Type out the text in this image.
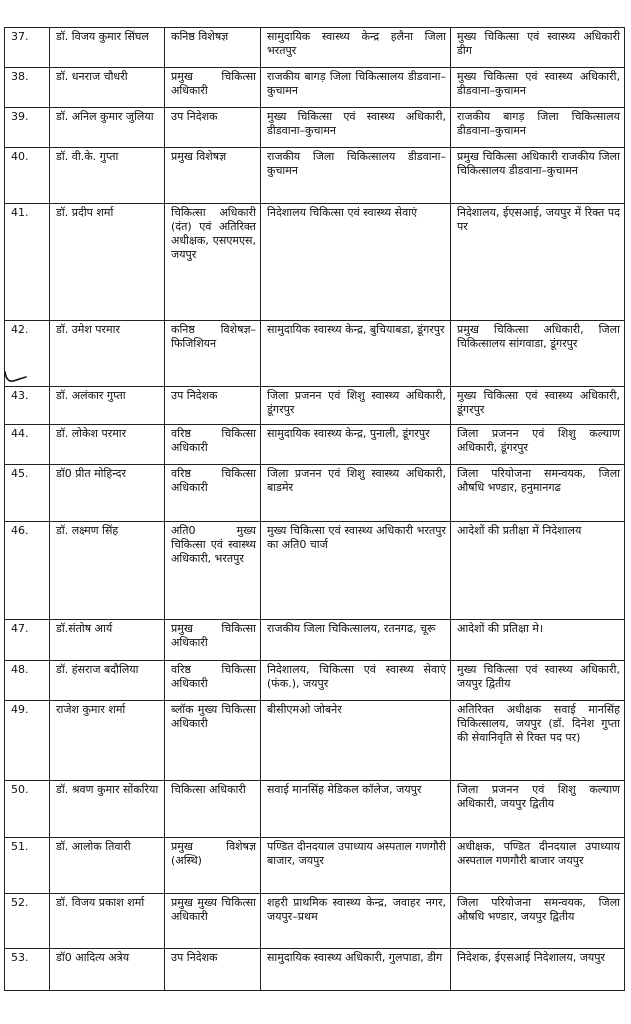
37.	डॉ. विजय कुमार सिंघल	कनिष्ठ विशेषज्ञ	सामुदायिक स्वास्थ्य केन्द्र हलैना जिला भरतपुर	मुख्य चिकित्सा एवं स्वास्थ्य अधिकारी डीग
38.	डॉ. धनराज चौधरी	प्रमुख चिकित्सा अधिकारी	राजकीय बागड़ जिला चिकित्सालय डीडवाना–कुचामन	मुख्य चिकित्सा एवं स्वास्थ्य अधिकारी, डीडवाना–कुचामन
39.	डॉ. अनिल कुमार जुलिया	उप निदेशक	मुख्य चिकित्सा एवं स्वास्थ्य अधिकारी, डीडवाना–कुचामन	राजकीय बागड़ जिला चिकित्सालय डीडवाना–कुचामन
40.	डॉ. वी.के. गुप्ता	प्रमुख विशेषज्ञ	राजकीय जिला चिकित्सालय डीडवाना–कुचामन	प्रमुख चिकित्सा अधिकारी राजकीय जिला चिकित्सालय डीडवाना–कुचामन
41.	डॉ. प्रदीप शर्मा	चिकित्सा अधिकारी (दंत) एवं अतिरिक्त अधीक्षक, एसएमएस, जयपुर	निदेशालय चिकित्सा एवं स्वास्थ्य सेवाएं	निदेशालय, ईएसआई, जयपुर में रिक्त पद पर
42.	डॉ. उमेश परमार	कनिष्ठ विशेषज्ञ– फिजिशियन	सामुदायिक स्वास्थ्य केन्द्र, बुचियाबडा, डूंगरपुर	प्रमुख चिकित्सा अधिकारी, जिला चिकित्सालय सांगवाडा, डूंगरपुर
43.	डॉ. अलंकार गुप्ता	उप निदेशक	जिला प्रजनन एवं शिशु स्वास्थ्य अधिकारी, डूंगरपुर	मुख्य चिकित्सा एवं स्वास्थ्य अधिकारी, डूंगरपुर
44.	डॉ. लोकेश परमार	वरिष्ठ चिकित्सा अधिकारी	सामुदायिक स्वास्थ्य केन्द्र, पुनाली, डूंगरपुर	जिला प्रजनन एवं शिशु कल्याण अधिकारी, डूंगरपुर
45.	डॉ0 प्रीत मोहिन्दर	वरिष्ठ चिकित्सा अधिकारी	जिला प्रजनन एवं शिशु स्वास्थ्य अधिकारी, बाडमेर	जिला परियोजना समन्वयक, जिला औषधि भण्डार, हनुमानगढ
46.	डॉ. लक्ष्मण सिंह	अति0 मुख्य चिकित्सा एवं स्वास्थ्य अधिकारी, भरतपुर	मुख्य चिकित्सा एवं स्वास्थ्य अधिकारी भरतपुर का अति0 चार्ज	आदेशों की प्रतीक्षा में निदेशालय
47.	डॉ.संतोष आर्य	प्रमुख चिकित्सा अधिकारी	राजकीय जिला चिकित्सालय, रतनगढ, चूरू	आदेशों की प्रतिक्षा मे।
48.	डॉ. हंसराज बदौलिया	वरिष्ठ चिकित्सा अधिकारी	निदेशालय, चिकित्सा एवं स्वास्थ्य सेवाएं (फंक.), जयपुर	मुख्य चिकित्सा एवं स्वास्थ्य अधिकारी, जयपुर द्वितीय
49.	राजेश कुमार शर्मा	ब्लॉक मुख्य चिकित्सा अधिकारी	बीसीएमओ जोबनेर	अतिरिक्त अधीक्षक सवाई मानसिंह चिकित्सालय, जयपुर (डॉ. दिनेश गुप्ता की सेवानिवृति से रिक्त पद पर)
50.	डॉ. श्रवण कुमार सोंकरिया	चिकित्सा अधिकारी	सवाई मानसिंह मेडिकल कॉलेज, जयपुर	जिला प्रजनन एवं शिशु कल्याण अधिकारी, जयपुर द्वितीय
51.	डॉ. आलोक तिवारी	प्रमुख विशेषज्ञ (अस्थि)	पण्डित दीनदयाल उपाध्याय अस्पताल गणगौरी बाजार, जयपुर	अधीक्षक, पण्डित दीनदयाल उपाध्याय अस्पताल गणगौरी बाजार जयपुर
52.	डॉ. विजय प्रकाश शर्मा	प्रमुख मुख्य चिकित्सा अधिकारी	शहरी प्राथमिक स्वास्थ्य केन्द्र, जवाहर नगर, जयपुर–प्रथम	जिला परियोजना समन्वयक, जिला औषधि भण्डार, जयपुर द्वितीय
53.	डॉ0 आदित्य अत्रेय	उप निदेशक	सामुदायिक स्वास्थ्य अधिकारी, गुलपाडा, डीग	निदेशक, ईएसआई निदेशालय, जयपुर
